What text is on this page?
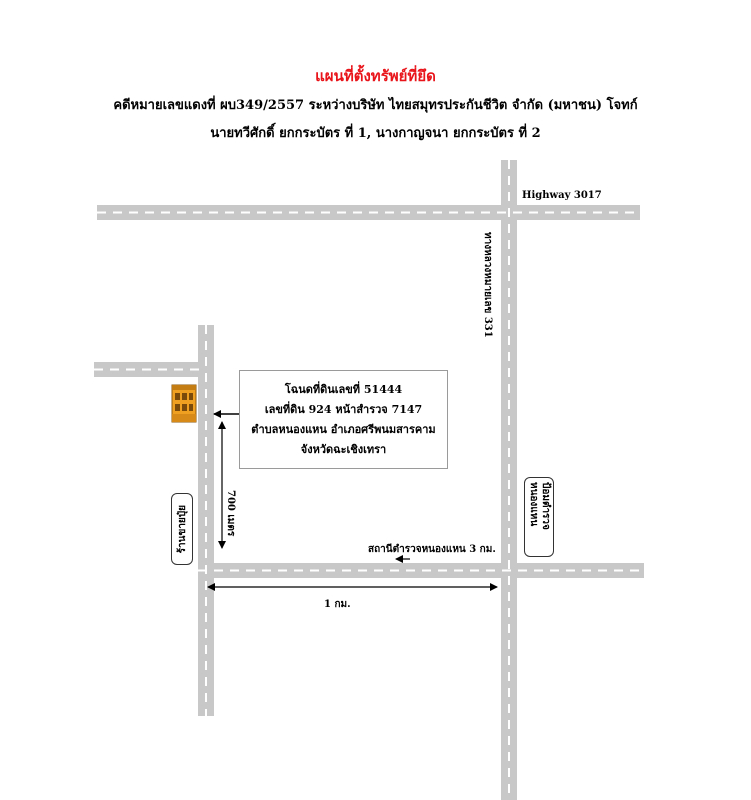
แผนที่ตั้งทรัพย์ที่ยึด
คดีหมายเลขแดงที่ ผบ349/2557 ระหว่างบริษัท ไทยสมุทรประกันชีวิต จำกัด (มหาชน) โจทก์
นายทวีศักดิ์ ยกกระบัตร ที่ 1, นางกาญจนา ยกกระบัตร ที่ 2
Highway 3017
ทางหลวงหมายเลข 331
700 เมตร
1 กม.
สถานีตำรวจหนองแหน 3 กม.
โฉนดที่ดินเลขที่ 51444
เลขที่ดิน 924 หน้าสำรวจ 7147
ตำบลหนองแหน อำเภอศรีพนมสารคาม
จังหวัดฉะเชิงเทรา
ร้านขายปุ๋ย	ป้อมตำรวจ หนองแหน
